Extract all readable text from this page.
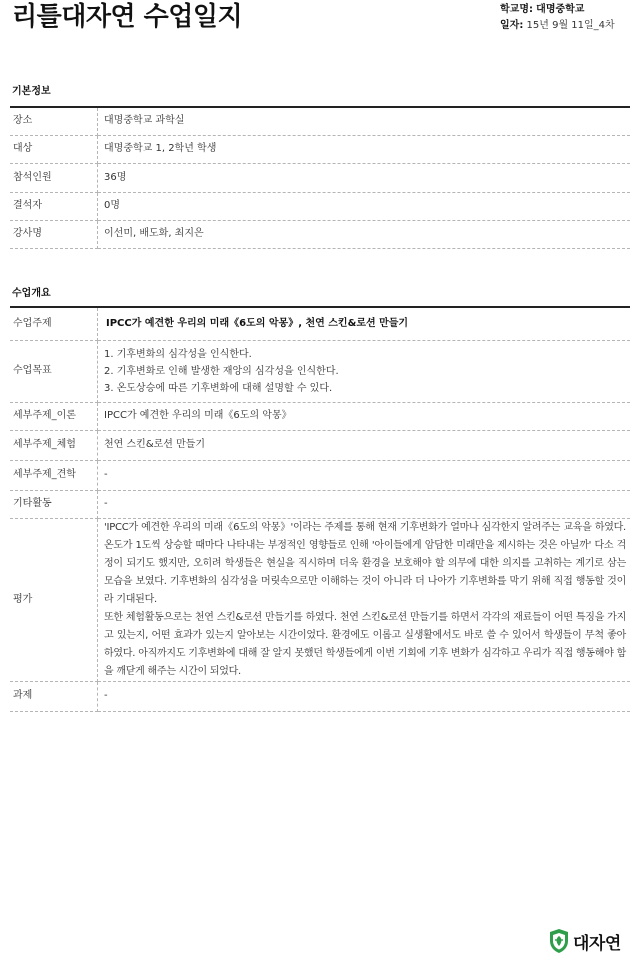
리틀대자연 수업일지	학교명: 대명중학교
일자: 15년 9월 11일_4차
기본정보
장소	대명중학교 과학실
대상	대명중학교 1, 2학년 학생
참석인원	36명
결석자	0명
강사명	이선미, 배도화, 최지은
수업개요
수업주제	IPCC가 예견한 우리의 미래《6도의 악몽》, 천연 스킨&로션 만들기
수업목표	1. 기후변화의 심각성을 인식한다.
2. 기후변화로 인해 발생한 재앙의 심각성을 인식한다.
3. 온도상승에 따른 기후변화에 대해 설명할 수 있다.

세부주제_이론	IPCC가 예견한 우리의 미래《6도의 악몽》
세부주제_체험	천연 스킨&로션 만들기
세부주제_견학	-
기타활동	-
평가	'IPCC가 예견한 우리의 미래《6도의 악몽》'이라는 주제를 통해 현재 기후변화가 얼마나 심각한지 알려주는 교육을 하였다. 온도가 1도씩 상승할 때마다 나타내는 부정적인 영향들로 인해 '아이들에게 암담한 미래만을 제시하는 것은 아닐까' 다소 걱정이 되기도 했지만, 오히려 학생들은 현실을 직시하며 더욱 환경을 보호해야 할 의무에 대한 의지를 고취하는 계기로 삼는 모습을 보였다. 기후변화의 심각성을 머릿속으로만 이해하는 것이 아니라 더 나아가 기후변화를 막기 위해 직접 행동할 것이라 기대된다.
또한 체험활동으로는 천연 스킨&로션 만들기를 하였다. 천연 스킨&로션 만들기를 하면서 각각의 재료들이 어떤 특징을 가지고 있는지, 어떤 효과가 있는지 알아보는 시간이었다. 환경에도 이롭고 실생활에서도 바로 쓸 수 있어서 학생들이 무척 좋아하였다. 아직까지도 기후변화에 대해 잘 알지 못했던 학생들에게 이번 기회에 기후 변화가 심각하고 우리가 직접 행동해야 함을 깨닫게 해주는 시간이 되었다.

과제	-
대자연
